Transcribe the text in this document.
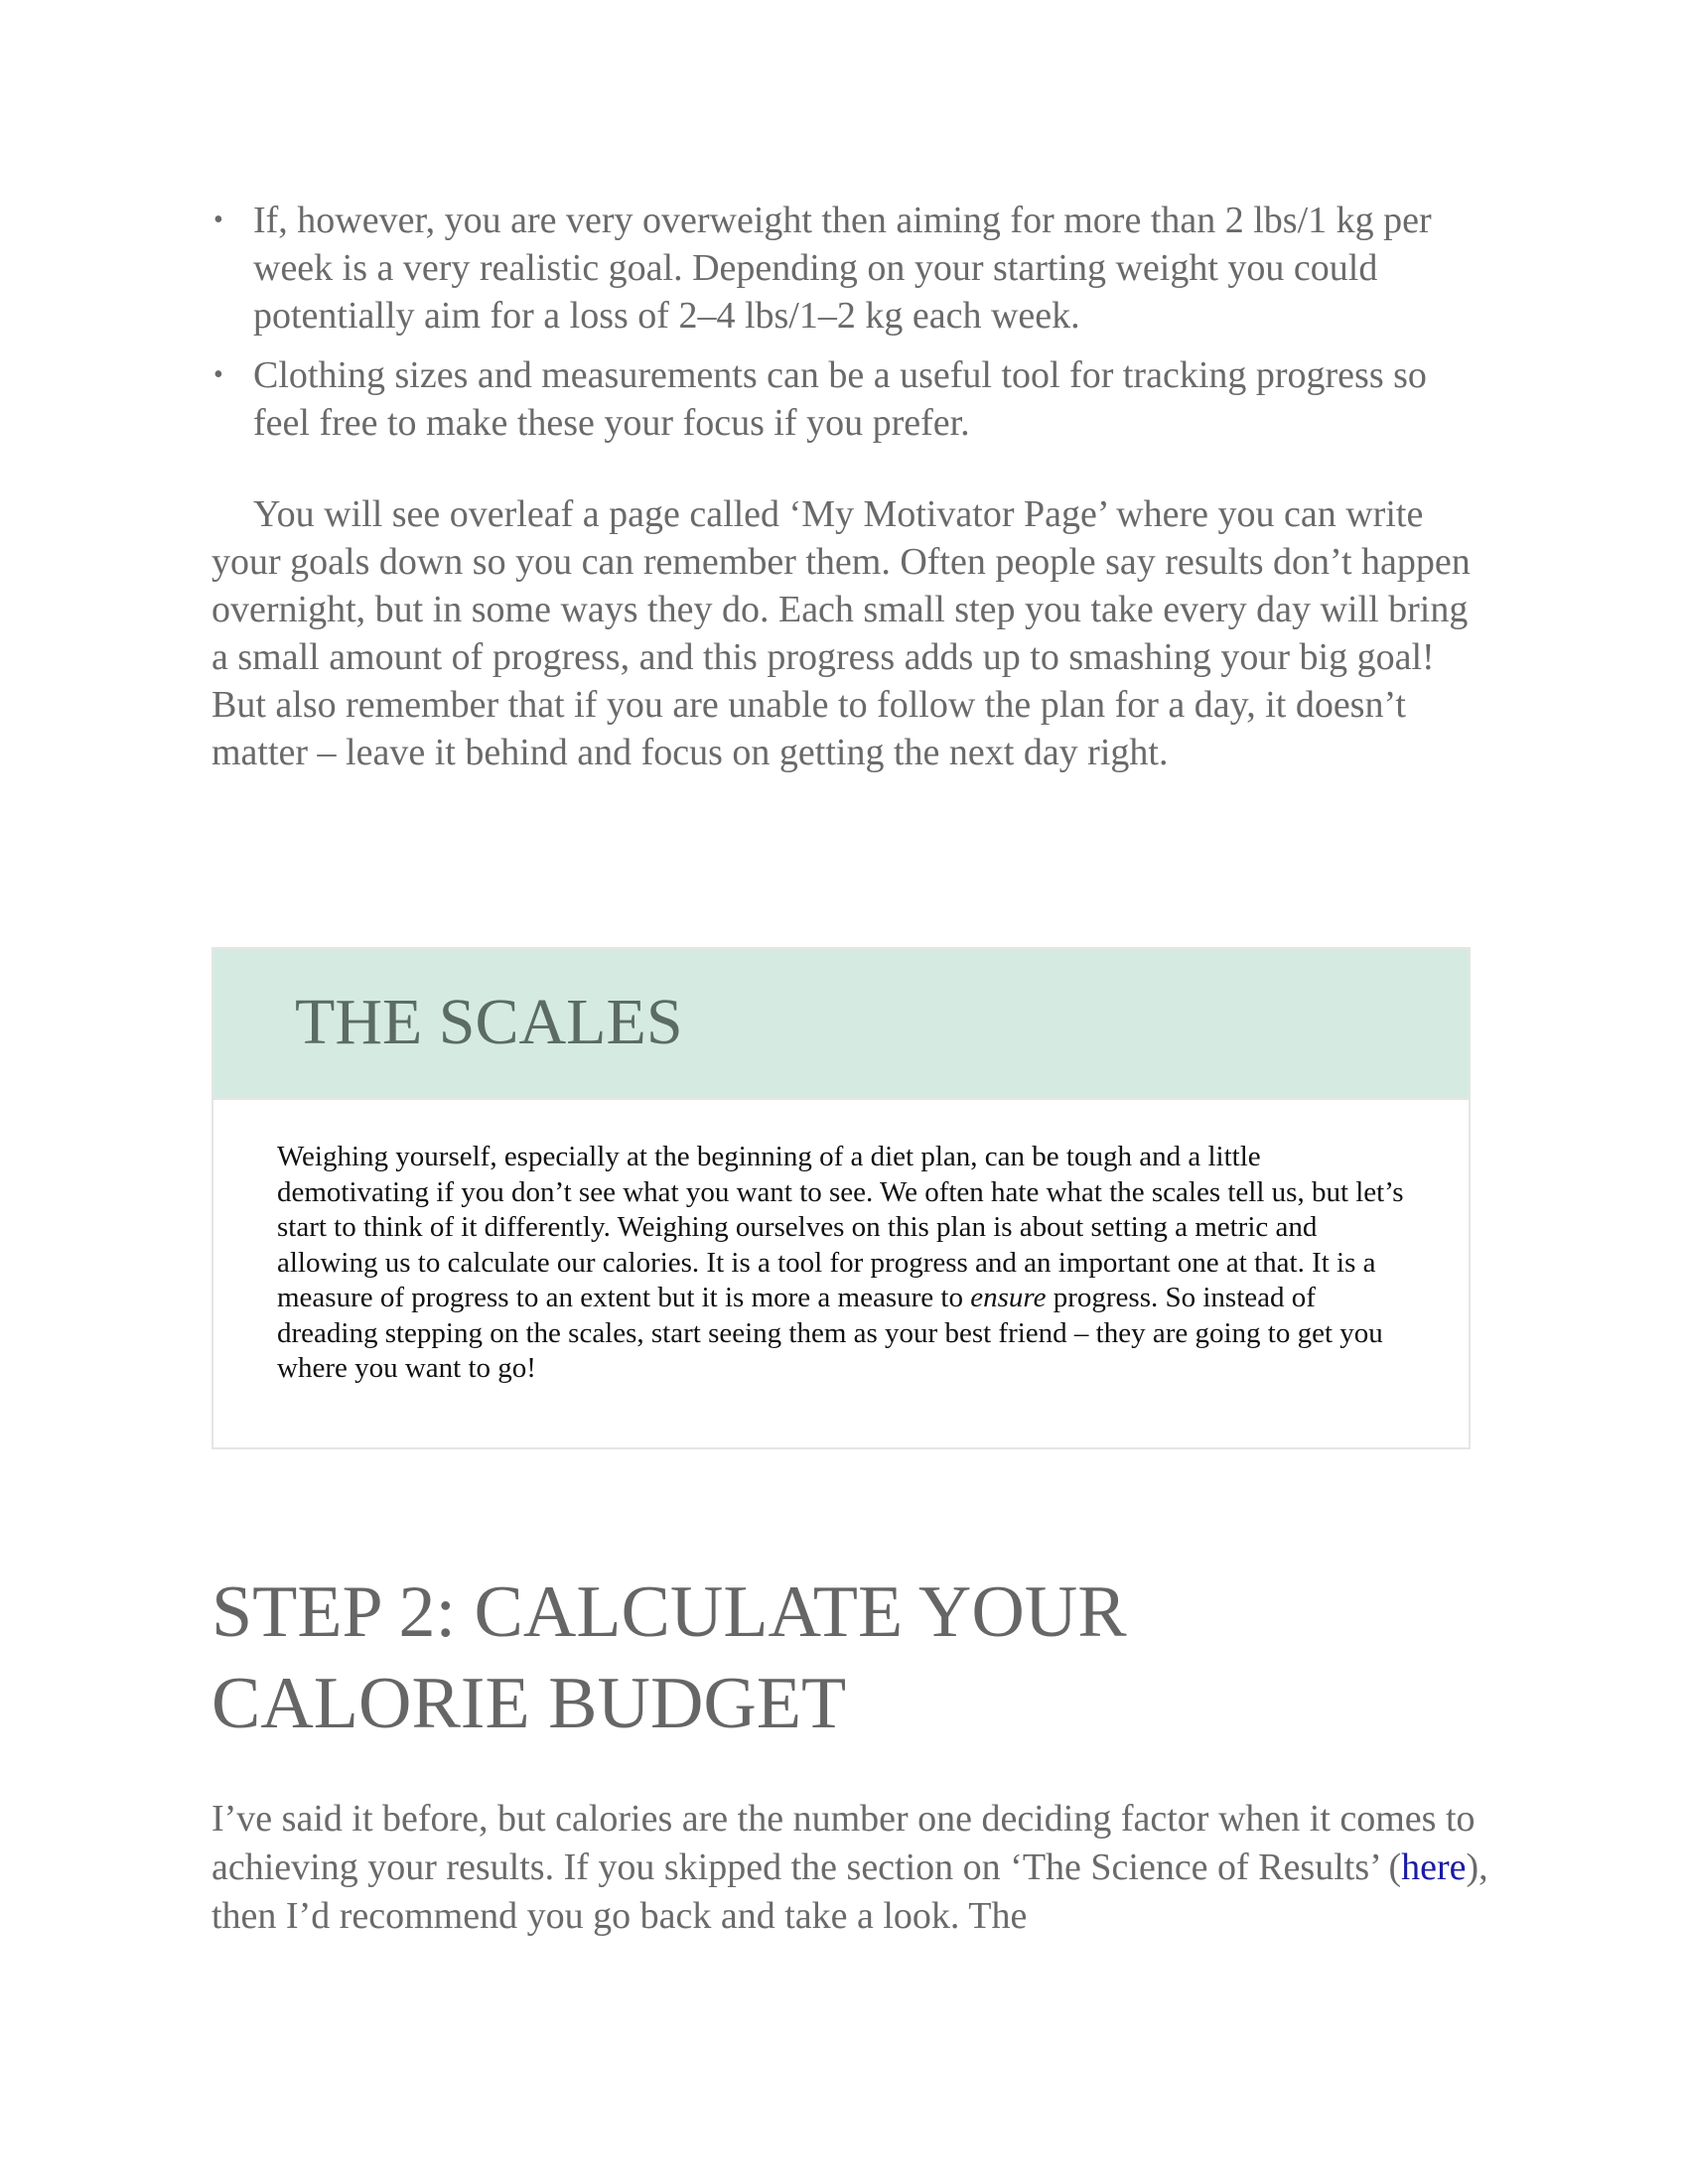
• If, however, you are very overweight then aiming for more than 2 lbs/1 kg per week is a very realistic goal. Depending on your starting weight you could potentially aim for a loss of 2–4 lbs/1–2 kg each week.
• Clothing sizes and measurements can be a useful tool for tracking progress so feel free to make these your focus if you prefer.

You will see overleaf a page called ‘My Motivator Page’ where you can write your goals down so you can remember them. Often people say results don’t happen overnight, but in some ways they do. Each small step you take every day will bring a small amount of progress, and this progress adds up to smashing your big goal! But also remember that if you are unable to follow the plan for a day, it doesn’t matter – leave it behind and focus on getting the next day right.

THE SCALES

Weighing yourself, especially at the beginning of a diet plan, can be tough and a little demotivating if you don’t see what you want to see. We often hate what the scales tell us, but let’s start to think of it differently. Weighing ourselves on this plan is about setting a metric and allowing us to calculate our calories. It is a tool for progress and an important one at that. It is a measure of progress to an extent but it is more a measure to ensure progress. So instead of dreading stepping on the scales, start seeing them as your best friend – they are going to get you where you want to go!

STEP 2: CALCULATE YOUR
CALORIE BUDGET

I’ve said it before, but calories are the number one deciding factor when it comes to achieving your results. If you skipped the section on ‘The Science of Results’ (here), then I’d recommend you go back and take a look. The
